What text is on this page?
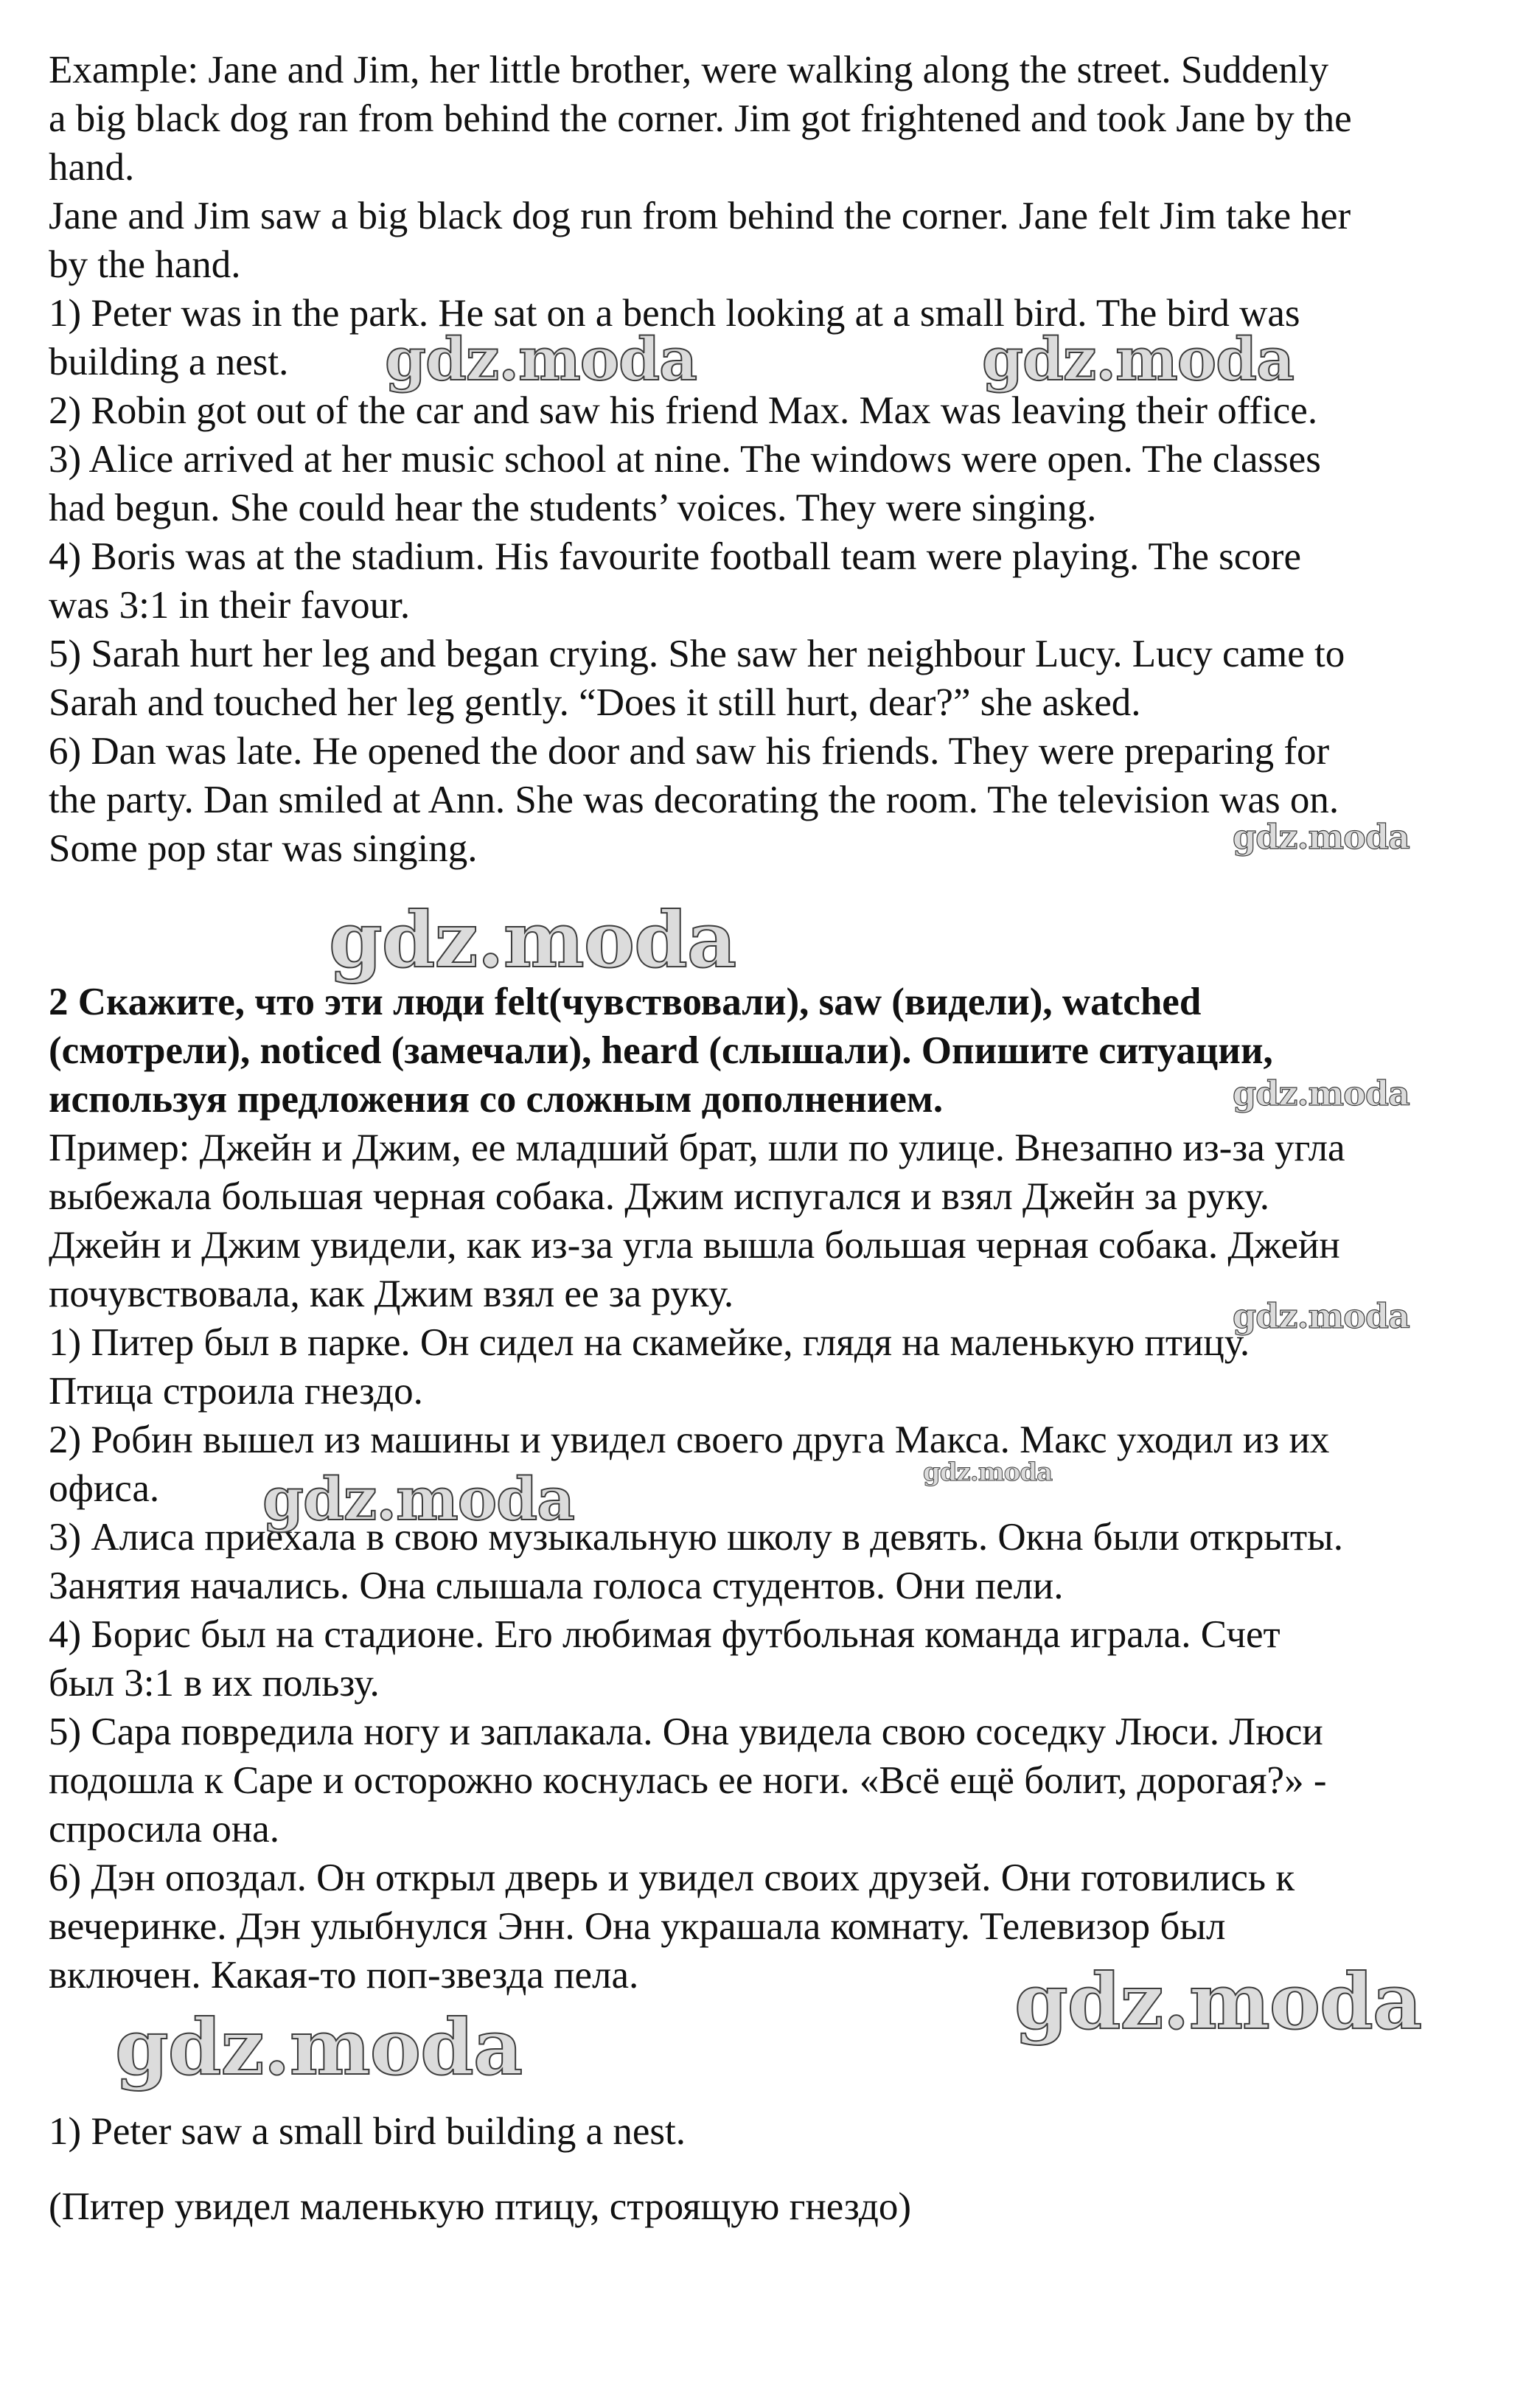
Example: Jane and Jim, her little brother, were walking along the street. Suddenly
a big black dog ran from behind the corner. Jim got frightened and took Jane by the
hand.
Jane and Jim saw a big black dog run from behind the corner. Jane felt Jim take her
by the hand.
1) Peter was in the park. He sat on a bench looking at a small bird. The bird was
building a nest.
2) Robin got out of the car and saw his friend Max. Max was leaving their office.
3) Alice arrived at her music school at nine. The windows were open. The classes
had begun. She could hear the students’ voices. They were singing.
4) Boris was at the stadium. His favourite football team were playing. The score
was 3:1 in their favour.
5) Sarah hurt her leg and began crying. She saw her neighbour Lucy. Lucy came to
Sarah and touched her leg gently. “Does it still hurt, dear?” she asked.
6) Dan was late. He opened the door and saw his friends. They were preparing for
the party. Dan smiled at Ann. She was decorating the room. The television was on.
Some pop star was singing.
2 Скажите, что эти люди felt(чувствовали), saw (видели), watched
(смотрели), noticed (замечали), heard (слышали). Опишите ситуации,
используя предложения со сложным дополнением.
Пример: Джейн и Джим, ее младший брат, шли по улице. Внезапно из-за угла
выбежала большая черная собака. Джим испугался и взял Джейн за руку.
Джейн и Джим увидели, как из-за угла вышла большая черная собака. Джейн
почувствовала, как Джим взял ее за руку.
1) Питер был в парке. Он сидел на скамейке, глядя на маленькую птицу.
Птица строила гнездо.
2) Робин вышел из машины и увидел своего друга Макса. Макс уходил из их
офиса.
3) Алиса приехала в свою музыкальную школу в девять. Окна были открыты.
Занятия начались. Она слышала голоса студентов. Они пели.
4) Борис был на стадионе. Его любимая футбольная команда играла. Счет
был 3:1 в их пользу.
5) Сара повредила ногу и заплакала. Она увидела свою соседку Люси. Люси
подошла к Саре и осторожно коснулась ее ноги. «Всё ещё болит, дорогая?» -
спросила она.
6) Дэн опоздал. Он открыл дверь и увидел своих друзей. Они готовились к
вечеринке. Дэн улыбнулся Энн. Она украшала комнату. Телевизор был
включен. Какая-то поп-звезда пела.
1) Peter saw a small bird building a nest.
(Питер увидел маленькую птицу, строящую гнездо)
gdz.moda	gdz.moda
gdz.moda
gdz.moda
gdz.moda
gdz.moda
gdz.moda	gdz.moda
gdz.moda
gdz.moda
